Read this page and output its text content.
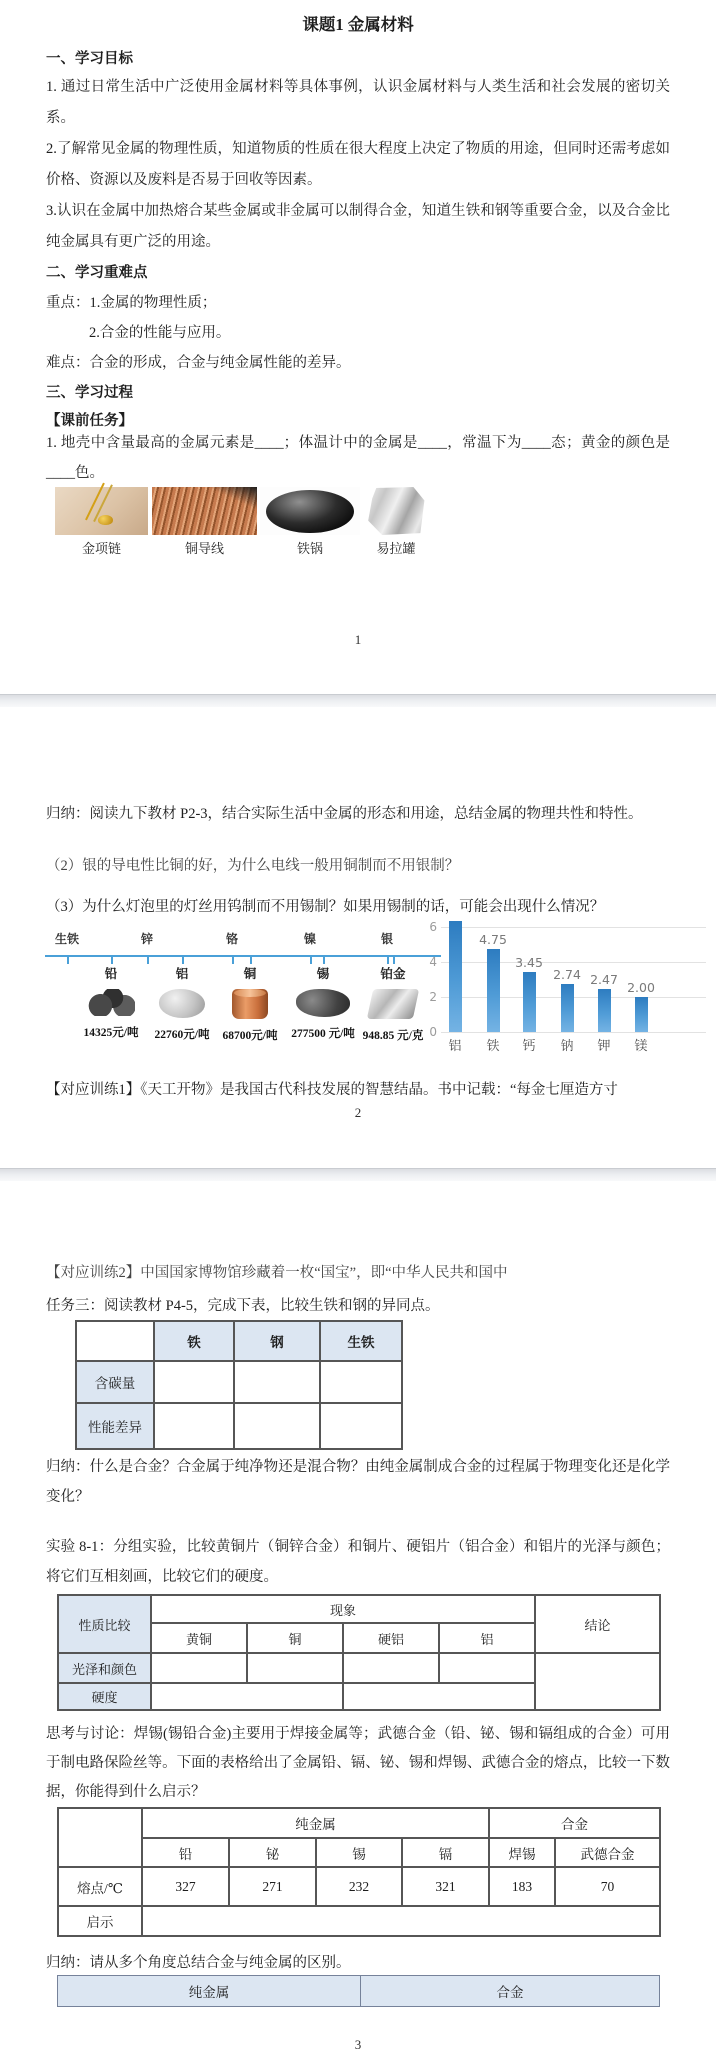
课题1 金属材料
一、学习目标
1. 通过日常生活中广泛使用金属材料等具体事例，认识金属材料与人类生活和社会发展的密切关系。
2.了解常见金属的物理性质，知道物质的性质在很大程度上决定了物质的用途，但同时还需考虑如价格、资源以及废料是否易于回收等因素。
3.认识在金属中加热熔合某些金属或非金属可以制得合金，知道生铁和钢等重要合金，以及合金比纯金属具有更广泛的用途。
二、学习重难点
重点：1.金属的物理性质；
2.合金的性能与应用。
难点：合金的形成，合金与纯金属性能的差异。
三、学习过程
【课前任务】
1. 地壳中含量最高的金属元素是____；体温计中的金属是____，常温下为____态；黄金的颜色是____色。
金项链	铜导线	铁锅	易拉罐
1
归纳：阅读九下教材 P2-3，结合实际生活中金属的形态和用途，总结金属的物理共性和特性。
（2）银的导电性比铜的好，为什么电线一般用铜制而不用银制？
（3）为什么灯泡里的灯丝用钨制而不用锡制？如果用锡制的话，可能会出现什么情况？
生铁	锌	铬	镍	银
铅
14325元/吨
铝
22760元/吨
铜
68700元/吨
锡
277500 元/吨
铂金
948.85 元/克 0
2
4
6
铝
4.75
铁
3.45
钙
2.74
钠
2.47
钾
2.00
镁
【对应训练1】《天工开物》是我国古代科技发展的智慧结晶。书中记载：“每金七厘造方寸
2
【对应训练2】中国国家博物馆珍藏着一枚“国宝”，即“中华人民共和国中
任务三：阅读教材 P4-5，完成下表，比较生铁和钢的异同点。
	铁	钢	生铁
含碳量			
性能差异			
归纳：什么是合金？合金属于纯净物还是混合物？由纯金属制成合金的过程属于物理变化还是化学变化？
实验 8-1：分组实验，比较黄铜片（铜锌合金）和铜片、硬铝片（铝合金）和铝片的光泽与颜色；将它们互相刻画，比较它们的硬度。
性质比较	现象				结论
	黄铜	铜	硬铝	铝	
光泽和颜色					
硬度					
思考与讨论：焊锡(锡铅合金)主要用于焊接金属等；武德合金（铅、铋、锡和镉组成的合金）可用于制电路保险丝等。下面的表格给出了金属铅、镉、铋、锡和焊锡、武德合金的熔点，比较一下数据，你能得到什么启示？
	纯金属				合金	
	铅	铋	锡	镉	焊锡	武德合金
熔点/℃	327	271	232	321	183	70
启示						
归纳：请从多个角度总结合金与纯金属的区别。
纯金属	合金
3
